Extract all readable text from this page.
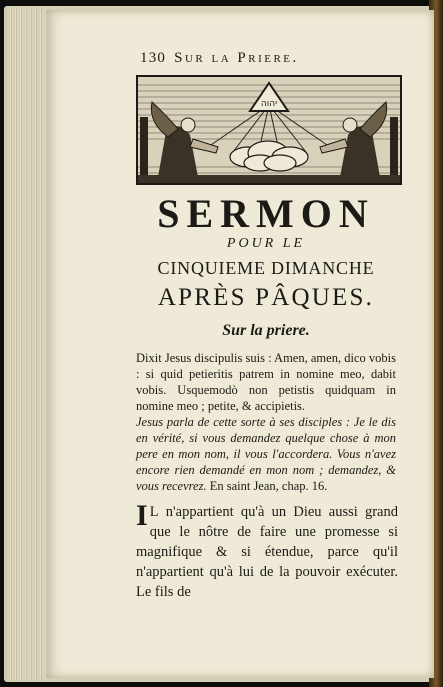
130 Sur la Priere.
יהוה
SERMON
POUR LE
CINQUIEME DIMANCHE
APRÈS PÂQUES.
Sur la priere.
Dixit Jesus discipulis suis : Amen, amen, dico vobis : si quid petieritis patrem in nomine meo, dabit vobis. Usquemodò non petistis quidquam in nomine meo ; petite, & accipietis.
Jesus parla de cette sorte à ses disciples : Je le dis en vérité, si vous demandez quelque chose à mon pere en mon nom, il vous l'accordera. Vous n'avez encore rien demandé en mon nom ; demandez, & vous recevrez. En saint Jean, chap. 16.
I L n'appartient qu'à un Dieu aussi grand que le nôtre de faire une promesse si magnifique & si étendue, parce qu'il n'appartient qu'à lui de la pouvoir exécuter. Le fils de
